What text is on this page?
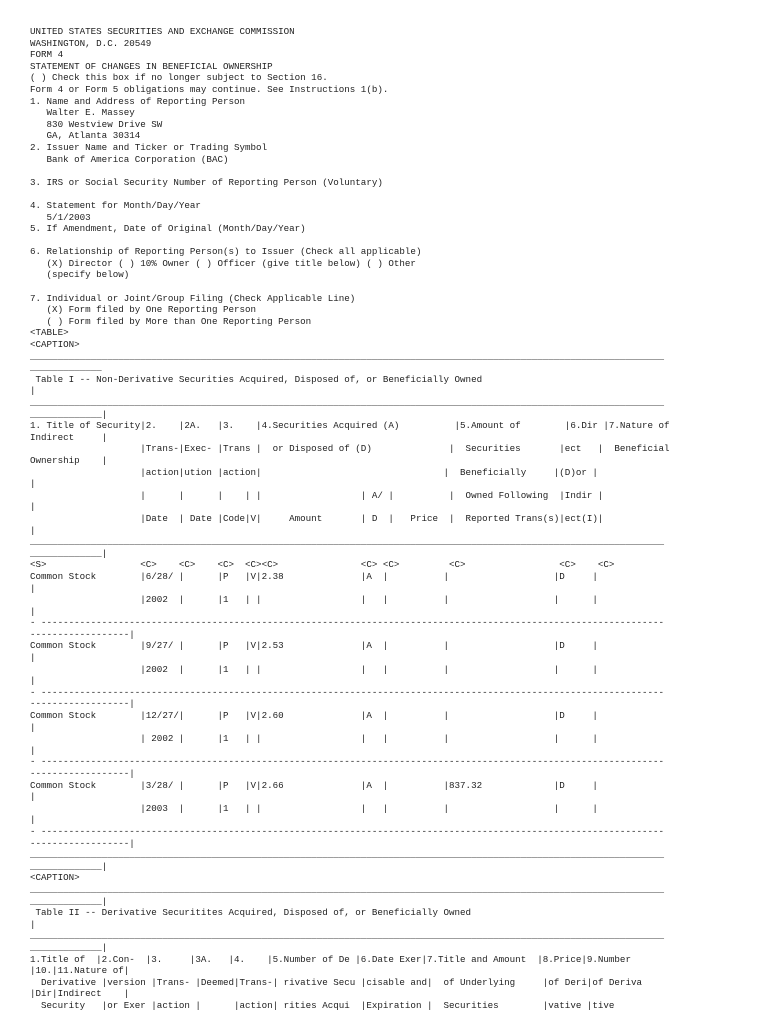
UNITED STATES SECURITIES AND EXCHANGE COMMISSION
WASHINGTON, D.C. 20549
FORM 4
STATEMENT OF CHANGES IN BENEFICIAL OWNERSHIP
( ) Check this box if no longer subject to Section 16.
Form 4 or Form 5 obligations may continue. See Instructions 1(b).
1. Name and Address of Reporting Person
Walter E. Massey
830 Westview Drive SW
GA, Atlanta 30314
2. Issuer Name and Ticker or Trading Symbol
Bank of America Corporation (BAC)
3. IRS or Social Security Number of Reporting Person (Voluntary)
4. Statement for Month/Day/Year
5/1/2003
5. If Amendment, Date of Original (Month/Day/Year)
6. Relationship of Reporting Person(s) to Issuer (Check all applicable)
(X) Director ( ) 10% Owner ( ) Officer (give title below) ( ) Other
(specify below)
7. Individual or Joint/Group Filing (Check Applicable Line)
(X) Form filed by One Reporting Person
( ) Form filed by More than One Reporting Person
<TABLE>
<CAPTION>
___________________________________________________________________________________________________________________
_____________
Table I -- Non-Derivative Securities Acquired, Disposed of, or Beneficially Owned
|
___________________________________________________________________________________________________________________
_____________|
1. Title of Security|2.    |2A.   |3.    |4.Securities Acquired (A)          |5.Amount of        |6.Dir |7.Nature of
Indirect     |
|Trans-|Exec- |Trans |  or Disposed of (D)              |  Securities       |ect   |  Beneficial
Ownership    |
|action|ution |action|                                 |  Beneficially     |(D)or |
|
|      |      |    | |                  | A/ |          |  Owned Following  |Indir |
|
|Date  | Date |Code|V|     Amount       | D  |   Price  |  Reported Trans(s)|ect(I)|
|
___________________________________________________________________________________________________________________
_____________|
<S>                 <C>    <C>    <C>  <C><C>               <C> <C>         <C>                 <C>    <C>
Common Stock        |6/28/ |      |P   |V|2.38              |A  |          |                   |D     |
|
|2002  |      |1   | |                  |   |          |                   |      |
|
- -----------------------------------------------------------------------------------------------------------------
------------------|
Common Stock        |9/27/ |      |P   |V|2.53              |A  |          |                   |D     |
|
|2002  |      |1   | |                  |   |          |                   |      |
|
- -----------------------------------------------------------------------------------------------------------------
------------------|
Common Stock        |12/27/|      |P   |V|2.60              |A  |          |                   |D     |
|
| 2002 |      |1   | |                  |   |          |                   |      |
|
- -----------------------------------------------------------------------------------------------------------------
------------------|
Common Stock        |3/28/ |      |P   |V|2.66              |A  |          |837.32             |D     |
|
|2003  |      |1   | |                  |   |          |                   |      |
|
- -----------------------------------------------------------------------------------------------------------------
------------------|
___________________________________________________________________________________________________________________
_____________|
<CAPTION>
___________________________________________________________________________________________________________________
_____________|
Table II -- Derivative Securitites Acquired, Disposed of, or Beneficially Owned
|
___________________________________________________________________________________________________________________
_____________|
1.Title of  |2.Con-  |3.     |3A.   |4.    |5.Number of De |6.Date Exer|7.Title and Amount  |8.Price|9.Number
|10.|11.Nature of|
Derivative |version |Trans- |Deemed|Trans-| rivative Secu |cisable and|  of Underlying     |of Deri|of Deriva
|Dir|Indirect    |
Security   |or Exer |action |      |action| rities Acqui  |Expiration |  Securities        |vative |tive
